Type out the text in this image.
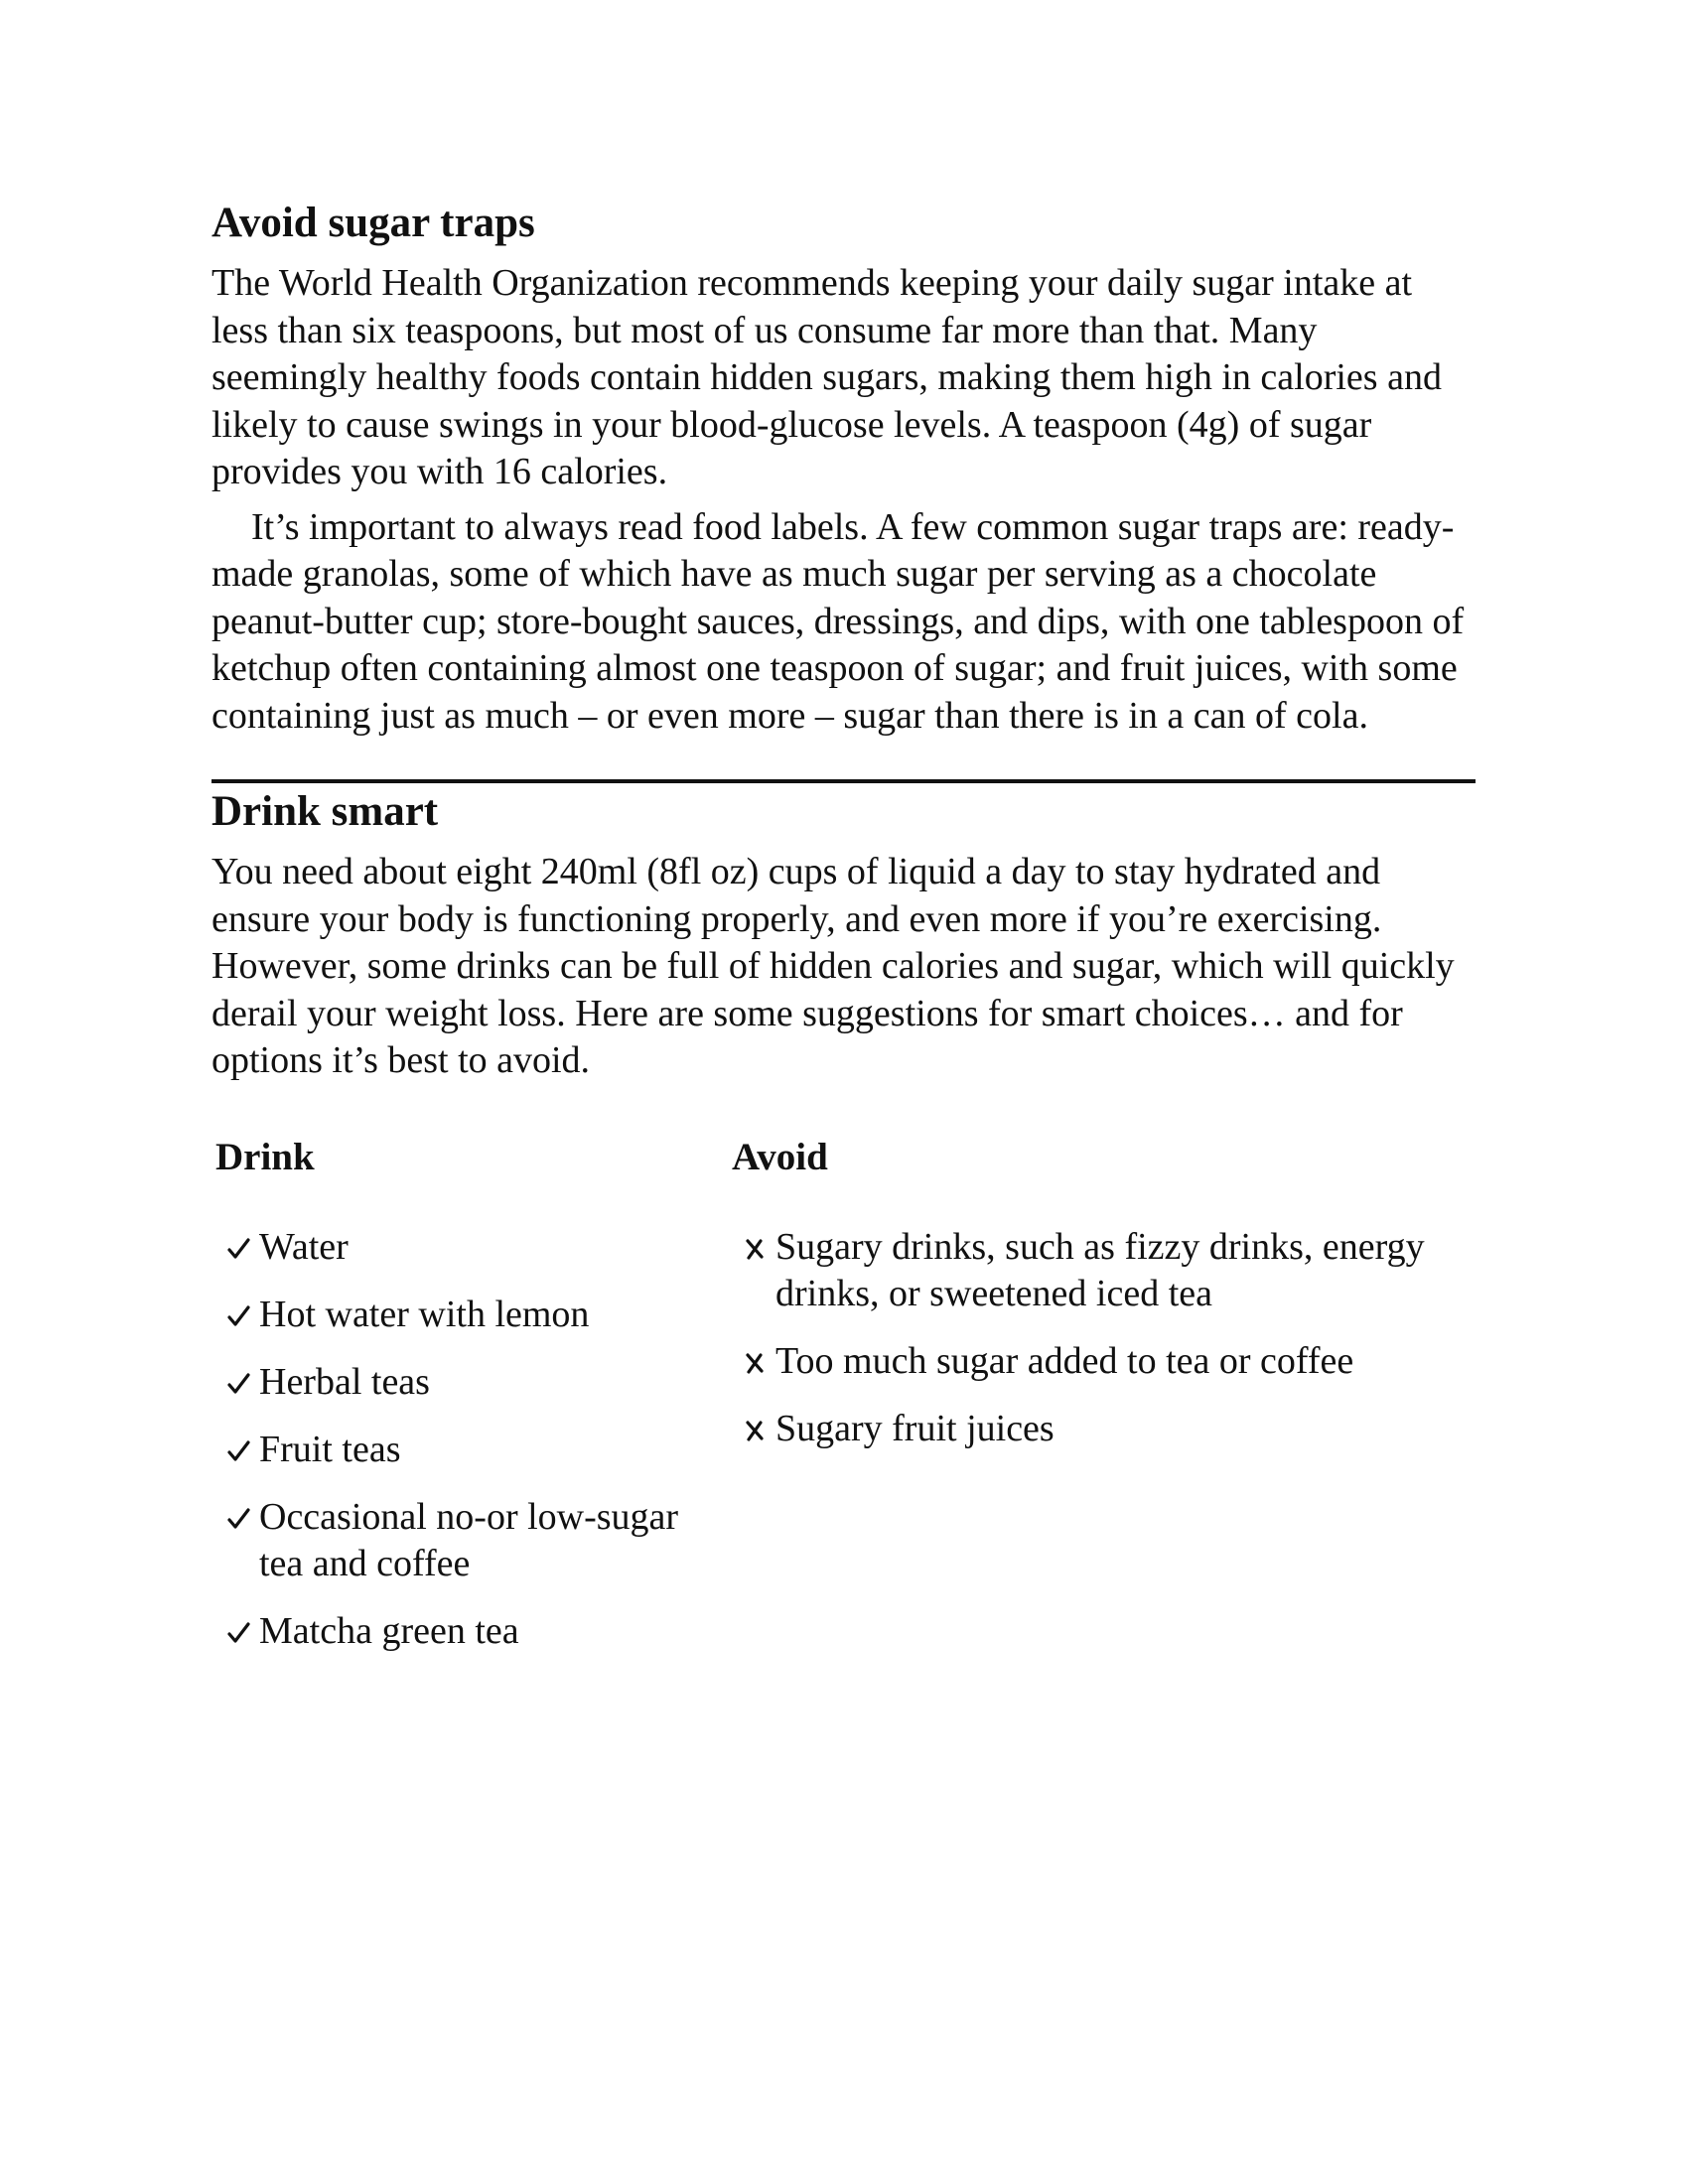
Avoid sugar traps

The World Health Organization recommends keeping your daily sugar intake at less than six teaspoons, but most of us consume far more than that. Many seemingly healthy foods contain hidden sugars, making them high in calories and likely to cause swings in your blood-glucose levels. A teaspoon (4g) of sugar provides you with 16 calories.

It’s important to always read food labels. A few common sugar traps are: ready-made granolas, some of which have as much sugar per serving as a chocolate peanut-butter cup; store-bought sauces, dressings, and dips, with one tablespoon of ketchup often containing almost one teaspoon of sugar; and fruit juices, with some containing just as much – or even more – sugar than there is in a can of cola.

Drink smart

You need about eight 240ml (8fl oz) cups of liquid a day to stay hydrated and ensure your body is functioning properly, and even more if you’re exercising. However, some drinks can be full of hidden calories and sugar, which will quickly derail your weight loss. Here are some suggestions for smart choices… and for options it’s best to avoid.

Drink	Avoid
Water
Hot water with lemon
Herbal teas
Fruit teas
Occasional no-or low-sugar tea and coffee
Matcha green tea
Sugary drinks, such as fizzy drinks, energy drinks, or sweetened iced tea
Too much sugar added to tea or coffee
Sugary fruit juices
